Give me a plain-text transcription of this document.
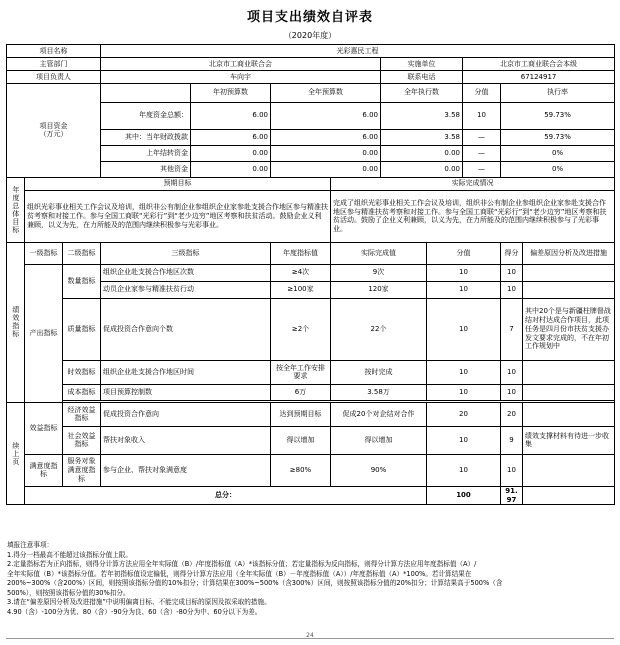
项目支出绩效自评表
（2020年度）
项目名称			光彩惠民工程									
主管部门			北京市工商业联合会				实施单位		北京市工商业联合会本级			
项目负责人			车向宇				联系电话		67124917			
项目资金
（万元）				年初预算数	全年预算数		全年执行数		分值	执行率	
			年度资金总额：	6.00	6.00		3.58		10	59.73%	
			其中：当年财政拨款	6.00	6.00		3.58		—	59.73%	
			上年结转资金	0.00	0.00		0.00		—	0%	
			其他资金	0.00	0.00		0.00		—	0%	
年度总体目标	预期目标					实际完成情况						
	组织光彩事业相关工作会议及培训，组织非公有制企业参组织企业家参赴支援合作地区参与精准扶贫考察和对接工作。参与全国工商联“光彩行”到“老少边穷”地区考察和扶贫活动。鼓励企业义利兼顾，以义为先，在力所能及的范围内继续积极参与光彩事业。					完成了组织光彩事业相关工作会议及培训，组织非公有制企业参组织企业家参赴支援合作地区参与精准扶贫考察和对接工作。参与全国工商联“光彩行”到“老少边穷”地区考察和扶贫活动。鼓励了企业义利兼顾，以义为先，在力所能及的范围内继续积极参与了光彩事业。						
绩效指标	一级指标	二级指标	三级指标		年度指标值	实际完成值		分值		得分	偏差原因分析及改进措施	
	产出指标	数量指标	组织企业赴支援合作地区次数		≥4次	9次		10		10		
			动员企业家参与精准扶贫行动		≥100家	120家		10		10		
		质量指标	促成投资合作意向个数		≥2个	22个		10		7	其中20个是与新疆柱牌督战结对村达成合作项目，此项任务是四月份市扶贫支援办发文要求完成的，不在年初工作规划中	
		时效指标	组织企业赴支援合作地区时间		按全年工作安排要求	按时完成		10		10		
		成本指标	项目预算控制数		6万	3.58万		10		10		

续上页	效益指标	经济效益指标	促成投资合作意向		达到预期目标	促成20个对企结对合作		20		20		
		社会效益指标	帮扶对象收入		得以增加	得以增加		10		9	绩效支撑材料有待进一步收集	
	满意度指标	服务对象满意度指标	参与企业、帮扶对象满意度		≥80%	90%		10		10		
	总分：							100		91.97		
填报注意事项：
1.得分一档最高不能超过该指标分值上限。
2.定量指标若为正向指标，则得分计算方法应用全年实际值（B）/年度指标值（A）*该指标分值；若定量指标为反向指标，则得分计算方法应用年度指标值（A）/
全年实际值（B）*该指标分值。若年初指标值设定偏低，则得分计算方法应用（全年实际值（B）－年度指标值（A））/年度指标值（A）*100%。若计算结果在
200%~300%（含200%）区间，则按照该指标分值的10%扣分；计算结果在300%~500%（含300%）区间，则按照该指标分值的20%扣分；计算结果高于500%（含
500%），则按照该指标分值的30%扣分。
3.请在“偏差原因分析及改进措施”中说明偏离目标、不能完成目标的原因及拟采取的措施。
4.90（含）-100分为优、80（含）-90分为良、60（含）-80分为中、60分以下为差。
24
